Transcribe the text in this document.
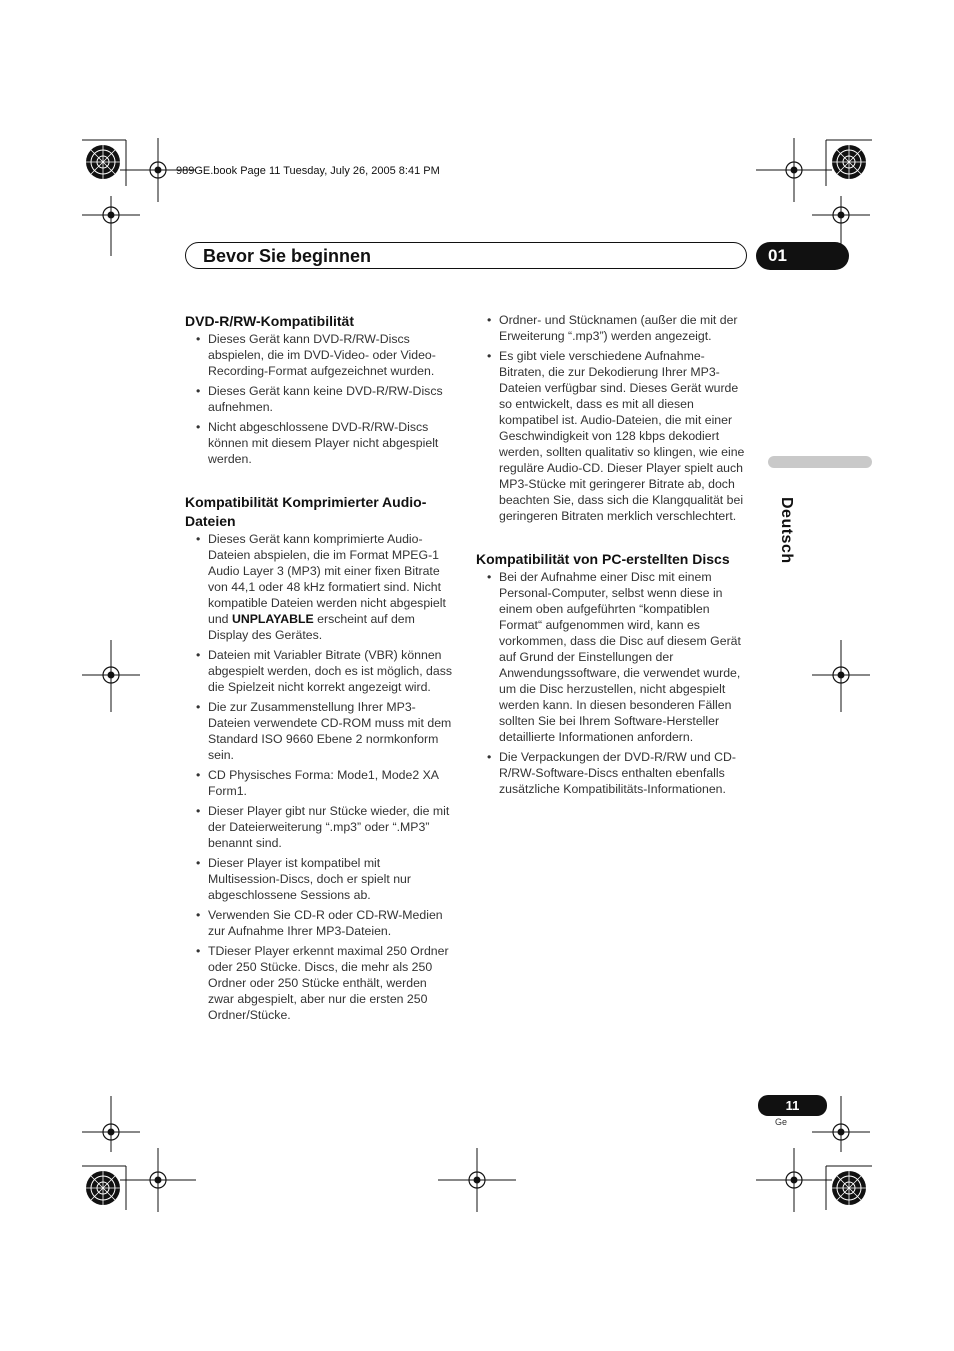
989GE.book Page 11 Tuesday, July 26, 2005 8:41 PM
Bevor Sie beginnen	01
Deutsch
DVD-R/RW-Kompatibilität
• Dieses Gerät kann DVD-R/RW-Discs abspielen, die im DVD-Video- oder Video-Recording-Format aufgezeichnet wurden.
• Dieses Gerät kann keine DVD-R/RW-Discs aufnehmen.
• Nicht abgeschlossene DVD-R/RW-Discs können mit diesem Player nicht abgespielt werden.
Kompatibilität Komprimierter Audio-Dateien
• Dieses Gerät kann komprimierte Audio-Dateien abspielen, die im Format MPEG-1 Audio Layer 3 (MP3) mit einer fixen Bitrate von 44,1 oder 48 kHz formatiert sind. Nicht kompatible Dateien werden nicht abgespielt und UNPLAYABLE erscheint auf dem Display des Gerätes.
• Dateien mit Variabler Bitrate (VBR) können abgespielt werden, doch es ist möglich, dass die Spielzeit nicht korrekt angezeigt wird.
• Die zur Zusammenstellung Ihrer MP3-Dateien verwendete CD-ROM muss mit dem Standard ISO 9660 Ebene 2 normkonform sein.
• CD Physisches Forma: Mode1, Mode2 XA Form1.
• Dieser Player gibt nur Stücke wieder, die mit der Dateierweiterung “.mp3” oder “.MP3” benannt sind.
• Dieser Player ist kompatibel mit Multisession-Discs, doch er spielt nur abgeschlossene Sessions ab.
• Verwenden Sie CD-R oder CD-RW-Medien zur Aufnahme Ihrer MP3-Dateien.
• TDieser Player erkennt maximal 250 Ordner oder 250 Stücke. Discs, die mehr als 250 Ordner oder 250 Stücke enthält, werden zwar abgespielt, aber nur die ersten 250 Ordner/Stücke.
• Ordner- und Stücknamen (außer die mit der Erweiterung “.mp3”) werden angezeigt.
• Es gibt viele verschiedene Aufnahme-Bitraten, die zur Dekodierung Ihrer MP3-Dateien verfügbar sind. Dieses Gerät wurde so entwickelt, dass es mit all diesen kompatibel ist. Audio-Dateien, die mit einer Geschwindigkeit von 128 kbps dekodiert werden, sollten qualitativ so klingen, wie eine reguläre Audio-CD. Dieser Player spielt auch MP3-Stücke mit geringerer Bitrate ab, doch beachten Sie, dass sich die Klangqualität bei geringeren Bitraten merklich verschlechtert.
Kompatibilität von PC-erstellten Discs
• Bei der Aufnahme einer Disc mit einem Personal-Computer, selbst wenn diese in einem oben aufgeführten “kompatiblen Format“ aufgenommen wird, kann es vorkommen, dass die Disc auf diesem Gerät auf Grund der Einstellungen der Anwendungssoftware, die verwendet wurde, um die Disc herzustellen, nicht abgespielt werden kann. In diesen besonderen Fällen sollten Sie bei Ihrem Software-Hersteller detaillierte Informationen anfordern.
• Die Verpackungen der DVD-R/RW und CD-R/RW-Software-Discs enthalten ebenfalls zusätzliche Kompatibilitäts-Informationen.
11
Ge
